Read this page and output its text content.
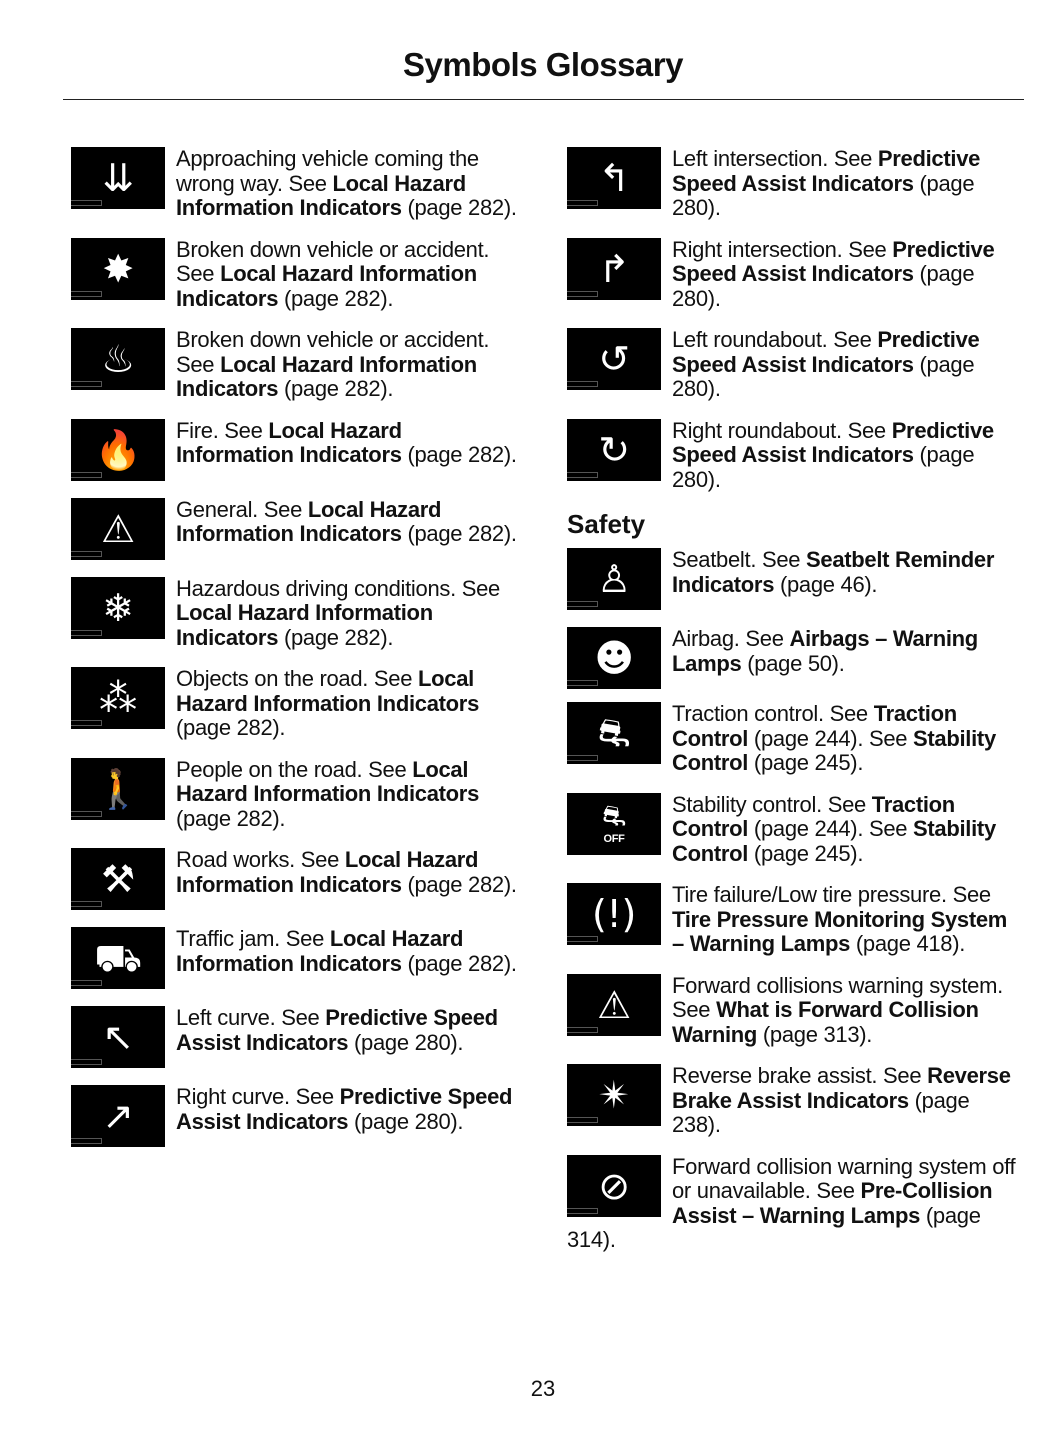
Symbols Glossary
⇊ Approaching vehicle coming the wrong way. See Local Hazard Information Indicators (page 282).
✸ Broken down vehicle or accident. See Local Hazard Information Indicators (page 282).
♨ Broken down vehicle or accident. See Local Hazard Information Indicators (page 282).
🔥 Fire. See Local Hazard Information Indicators (page 282).
⚠ General. See Local Hazard Information Indicators (page 282).
❄ Hazardous driving conditions. See Local Hazard Information Indicators (page 282).
⁂ Objects on the road. See Local Hazard Information Indicators (page 282).
🚶 People on the road. See Local Hazard Information Indicators (page 282).
⚒ Road works. See Local Hazard Information Indicators (page 282).
⛟ Traffic jam. See Local Hazard Information Indicators (page 282).
↖ Left curve. See Predictive Speed Assist Indicators (page 280).
↗ Right curve. See Predictive Speed Assist Indicators (page 280).
↰ Left intersection. See Predictive Speed Assist Indicators (page 280).
↱ Right intersection. See Predictive Speed Assist Indicators (page 280).
↺ Left roundabout. See Predictive Speed Assist Indicators (page 280).
↻ Right roundabout. See Predictive Speed Assist Indicators (page 280).
Safety
♙ Seatbelt. See Seatbelt Reminder Indicators (page 46).
☻ Airbag. See Airbags – Warning Lamps (page 50).
⛐ Traction control. See Traction Control (page 244). See Stability Control (page 245).
⛐
OFF
Stability control. See Traction Control (page 244). See Stability Control (page 245).
(!) Tire failure/Low tire pressure. See Tire Pressure Monitoring System – Warning Lamps (page 418).
⚠ Forward collisions warning system. See What is Forward Collision Warning (page 313).
✴ Reverse brake assist. See Reverse Brake Assist Indicators (page 238).
⊘ Forward collision warning system off or unavailable. See Pre-Collision Assist – Warning Lamps (page 314).
23
